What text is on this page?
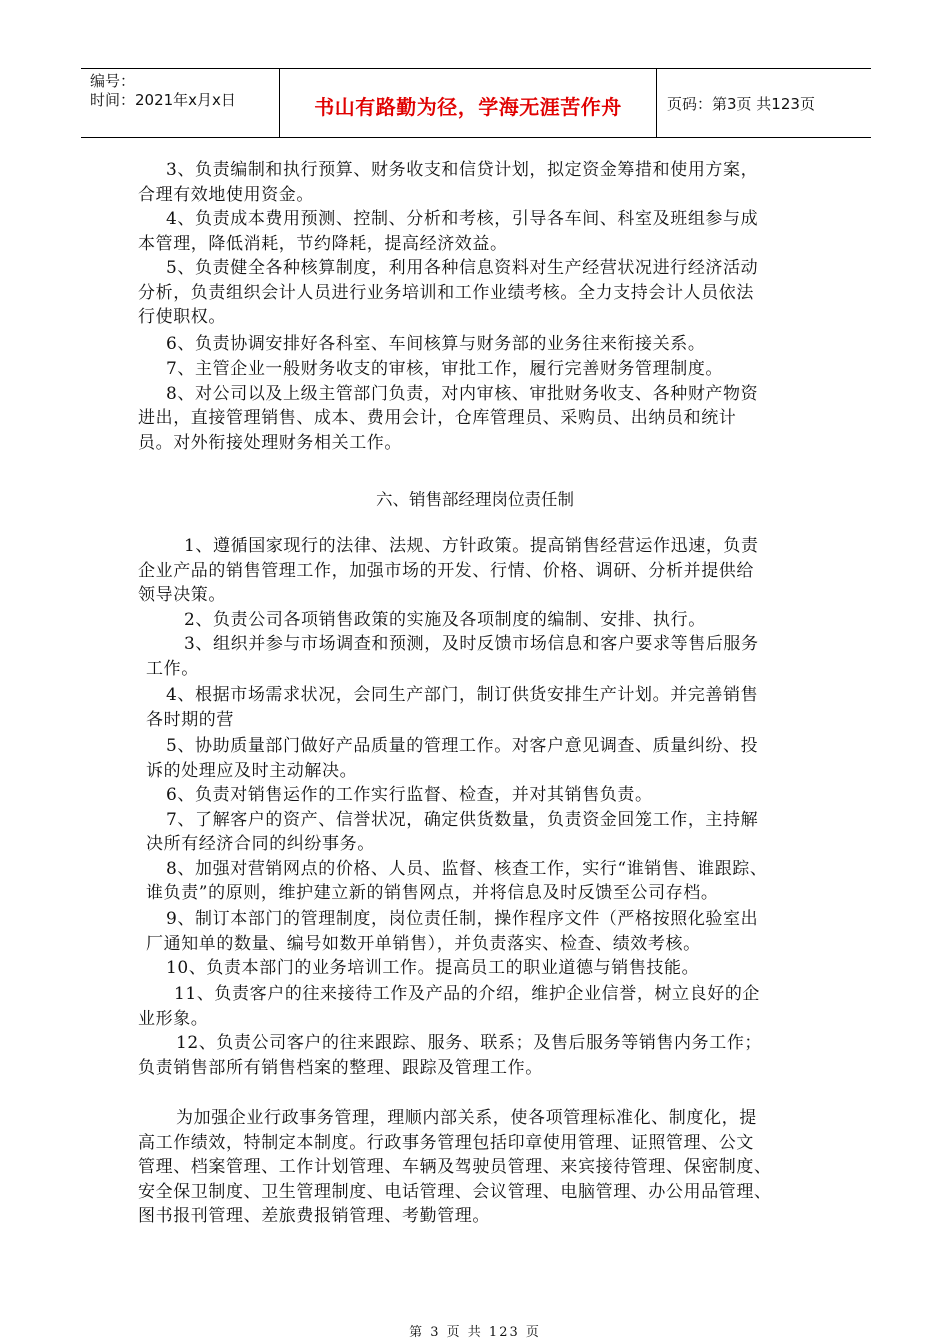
编号：
时间：2021年x月x日	书山有路勤为径，学海无涯苦作舟	页码：第3页 共123页
3、负责编制和执行预算、财务收支和信贷计划，拟定资金筹措和使用方案，
合理有效地使用资金。
4、负责成本费用预测、控制、分析和考核，引导各车间、科室及班组参与成
本管理，降低消耗，节约降耗，提高经济效益。
5、负责健全各种核算制度，利用各种信息资料对生产经营状况进行经济活动
分析，负责组织会计人员进行业务培训和工作业绩考核。全力支持会计人员依法
行使职权。
6、负责协调安排好各科室、车间核算与财务部的业务往来衔接关系。
7、主管企业一般财务收支的审核，审批工作，履行完善财务管理制度。
8、对公司以及上级主管部门负责，对内审核、审批财务收支、各种财产物资
进出，直接管理销售、成本、费用会计，仓库管理员、采购员、出纳员和统计
员。对外衔接处理财务相关工作。
六、销售部经理岗位责任制
1、遵循国家现行的法律、法规、方针政策。提高销售经营运作迅速，负责
企业产品的销售管理工作，加强市场的开发、行情、价格、调研、分析并提供给
领导决策。
2、负责公司各项销售政策的实施及各项制度的编制、安排、执行。
3、组织并参与市场调查和预测，及时反馈市场信息和客户要求等售后服务
工作。
4、根据市场需求状况，会同生产部门，制订供货安排生产计划。并完善销售
各时期的营
5、协助质量部门做好产品质量的管理工作。对客户意见调查、质量纠纷、投
诉的处理应及时主动解决。
6、负责对销售运作的工作实行监督、检查，并对其销售负责。
7、了解客户的资产、信誉状况，确定供货数量，负责资金回笼工作，主持解
决所有经济合同的纠纷事务。
8、加强对营销网点的价格、人员、监督、核查工作，实行“谁销售、谁跟踪、
谁负责”的原则，维护建立新的销售网点，并将信息及时反馈至公司存档。
9、制订本部门的管理制度，岗位责任制，操作程序文件（严格按照化验室出
厂通知单的数量、编号如数开单销售），并负责落实、检查、绩效考核。
10、负责本部门的业务培训工作。提高员工的职业道德与销售技能。
11、负责客户的往来接待工作及产品的介绍，维护企业信誉，树立良好的企
业形象。
12、负责公司客户的往来跟踪、服务、联系；及售后服务等销售内务工作；
负责销售部所有销售档案的整理、跟踪及管理工作。
为加强企业行政事务管理，理顺内部关系，使各项管理标准化、制度化，提
高工作绩效，特制定本制度。行政事务管理包括印章使用管理、证照管理、公文
管理、档案管理、工作计划管理、车辆及驾驶员管理、来宾接待管理、保密制度、
安全保卫制度、卫生管理制度、电话管理、会议管理、电脑管理、办公用品管理、
图书报刊管理、差旅费报销管理、考勤管理。
第 3 页 共 123 页
